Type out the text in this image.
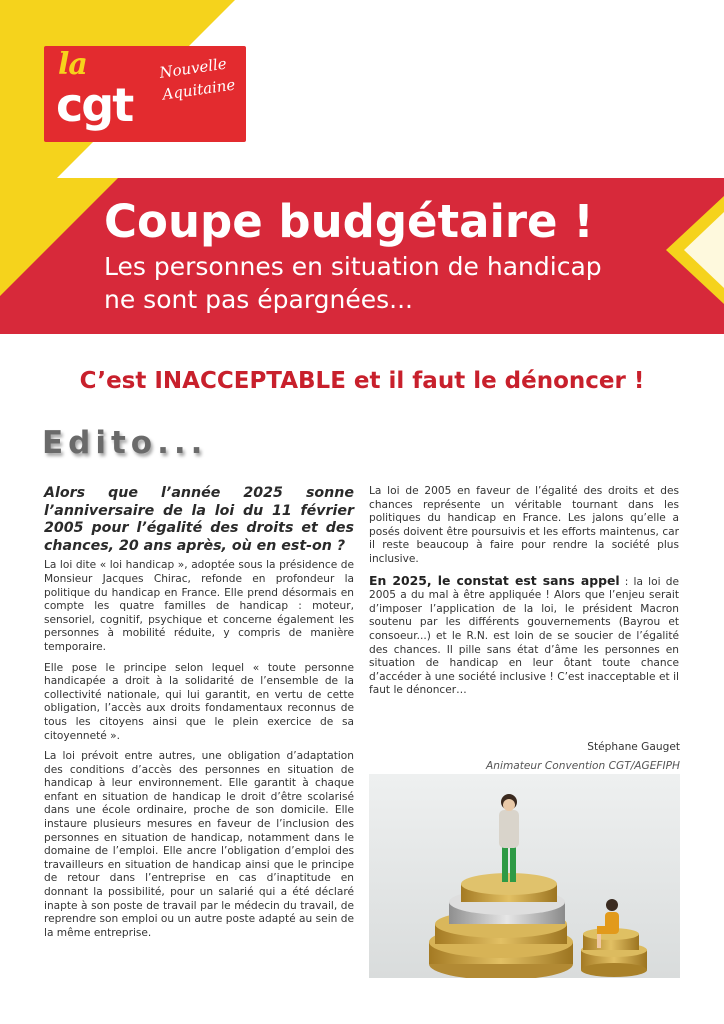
la
cgt
Nouvelle
Aquitaine
Coupe budgétaire !
Les personnes en situation de handicap
ne sont pas épargnées...
C’est INACCEPTABLE et il faut le dénoncer !
Edito...

Alors que l’année 2025 sonne l’anniversaire de la loi du 11 février 2005 pour l’égalité des droits et des chances, 20 ans après, où en est-on ?

La loi dite « loi handicap », adoptée sous la présidence de Monsieur Jacques Chirac, refonde en profondeur la politique du handicap en France. Elle prend désormais en compte les quatre familles de handicap : moteur, sensoriel, cognitif, psychique et concerne également les personnes à mobilité réduite, y compris de manière temporaire.

Elle pose le principe selon lequel « toute personne handicapée a droit à la solidarité de l’ensemble de la collectivité nationale, qui lui garantit, en vertu de cette obligation, l’accès aux droits fondamentaux reconnus de tous les citoyens ainsi que le plein exercice de sa citoyenneté ».

La loi prévoit entre autres, une obligation d’adaptation des conditions d’accès des personnes en situation de handicap à leur environnement. Elle garantit à chaque enfant en situation de handicap le droit d’être scolarisé dans une école ordinaire, proche de son domicile. Elle instaure plusieurs mesures en faveur de l’inclusion des personnes en situation de handicap, notamment dans le domaine de l’emploi. Elle ancre l’obligation d’emploi des travailleurs en situation de handicap ainsi que le principe de retour dans l’entreprise en cas d’inaptitude en donnant la possibilité, pour un salarié qui a été déclaré inapte à son poste de travail par le médecin du travail, de reprendre son emploi ou un autre poste adapté au sein de la même entreprise.

La loi de 2005 en faveur de l’égalité des droits et des chances représente un véritable tournant dans les politiques du handicap en France. Les jalons qu’elle a posés doivent être poursuivis et les efforts maintenus, car il reste beaucoup à faire pour rendre la société plus inclusive.

En 2025, le constat est sans appel : la loi de 2005 a du mal à être appliquée ! Alors que l’enjeu serait d’imposer l’application de la loi, le président Macron soutenu par les différents gouvernements (Bayrou et consoeur...) et le R.N. est loin de se soucier de l’égalité des chances. Il pille sans état d’âme les personnes en situation de handicap en leur ôtant toute chance d’accéder à une société inclusive ! C’est inacceptable et il faut le dénoncer…

Stéphane Gauget
Animateur Convention CGT/AGEFIPH
